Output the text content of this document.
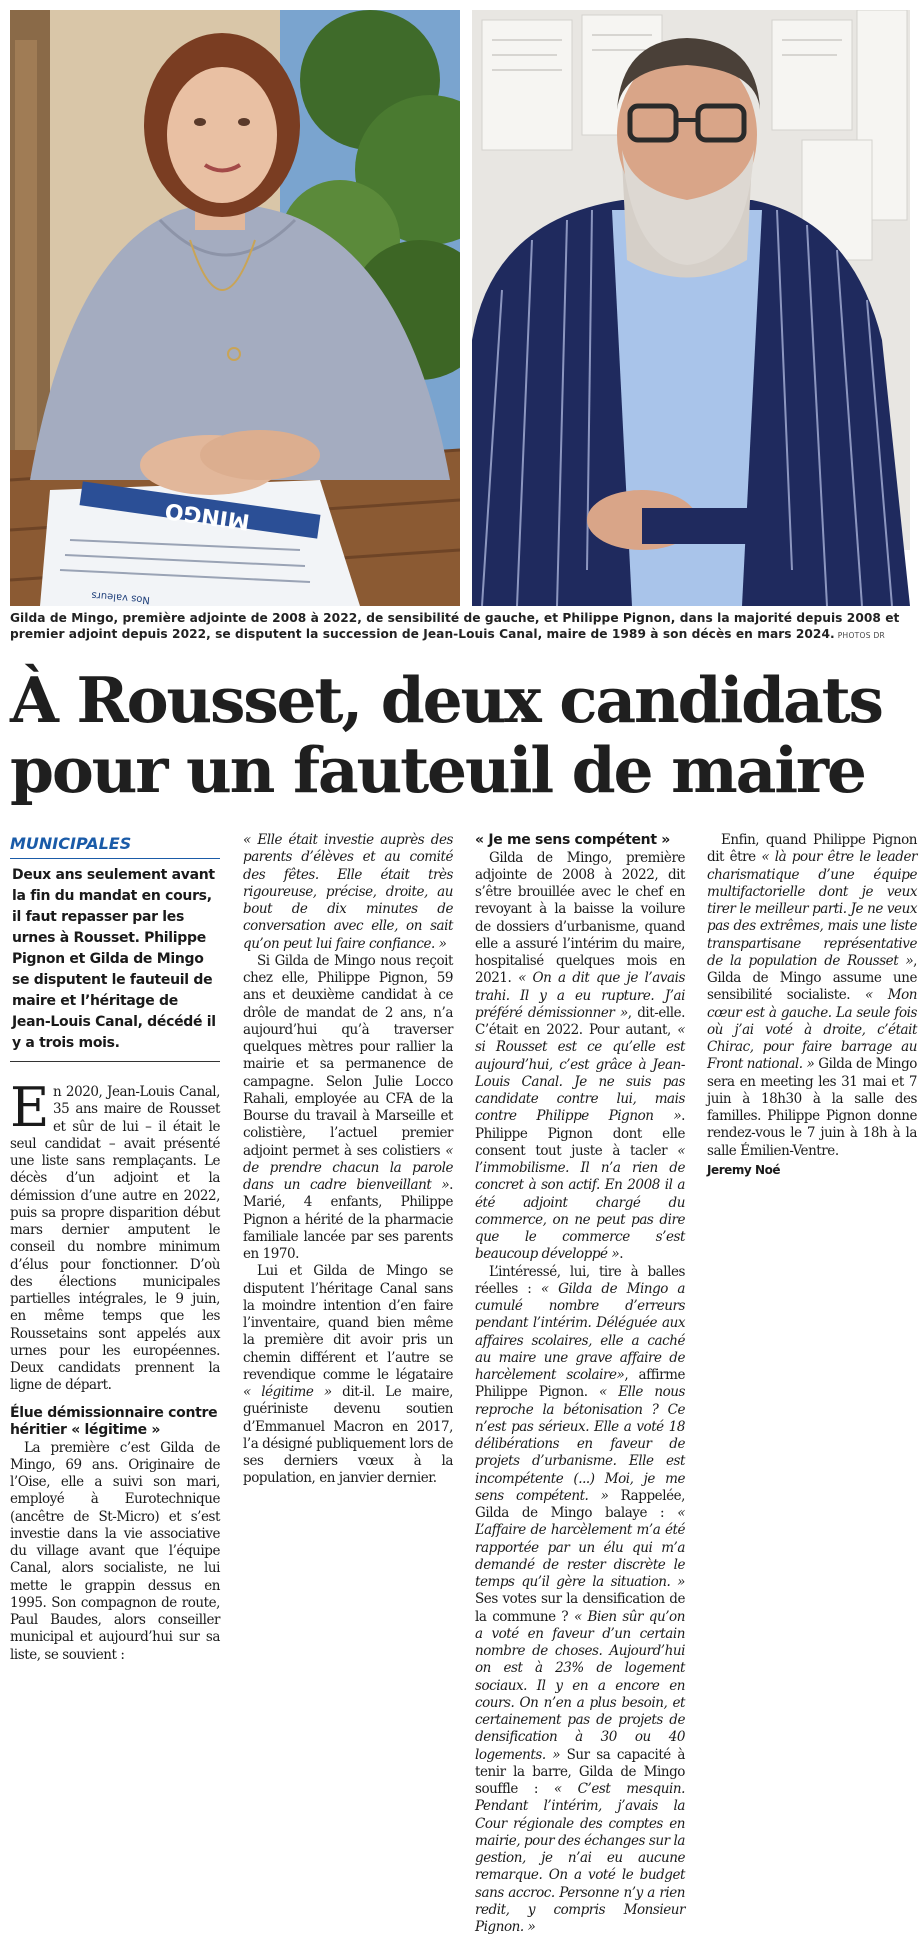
MINGO
Nos valeurs
Gilda de Mingo, première adjointe de 2008 à 2022, de sensibilité de gauche, et Philippe Pignon, dans la majorité depuis 2008 et premier adjoint depuis 2022, se disputent la succession de Jean-Louis Canal, maire de 1989 à son décès en mars 2024. PHOTOS DR
À Rousset, deux candidats pour un fauteuil de maire
MUNICIPALES
Deux ans seulement avant la fin du mandat en cours, il faut repasser par les urnes à Rousset. Philippe Pignon et Gilda de Mingo se disputent le fauteuil de maire et l’héritage de Jean-Louis Canal, décédé il y a trois mois.

En 2020, Jean-Louis Canal, 35 ans maire de Rousset et sûr de lui – il était le seul candidat – avait présenté une liste sans remplaçants. Le décès d’un adjoint et la démission d’une autre en 2022, puis sa propre disparition début mars dernier amputent le conseil du nombre minimum d’élus pour fonctionner. D’où des élections municipales partielles intégrales, le 9 juin, en même temps que les Roussetains sont appelés aux urnes pour les européennes. Deux candidats prennent la ligne de départ.

Élue démissionnaire contre héritier « légitime »

La première c’est Gilda de Mingo, 69 ans. Originaire de l’Oise, elle a suivi son mari, employé à Eurotechnique (ancêtre de St-Micro) et s’est investie dans la vie associative du village avant que l’équipe Canal, alors socialiste, ne lui mette le grappin dessus en 1995. Son compagnon de route, Paul Baudes, alors conseiller municipal et aujourd’hui sur sa liste, se souvient :

« Elle était investie auprès des parents d’élèves et au comité des fêtes. Elle était très rigoureuse, précise, droite, au bout de dix minutes de conversation avec elle, on sait qu’on peut lui faire confiance. »

Si Gilda de Mingo nous reçoit chez elle, Philippe Pignon, 59 ans et deuxième candidat à ce drôle de mandat de 2 ans, n’a aujourd’hui qu’à traverser quelques mètres pour rallier la mairie et sa permanence de campagne. Selon Julie Locco Rahali, employée au CFA de la Bourse du travail à Marseille et colistière, l’actuel premier adjoint permet à ses colistiers « de prendre chacun la parole dans un cadre bienveillant ». Marié, 4 enfants, Philippe Pignon a hérité de la pharmacie familiale lancée par ses parents en 1970.

Lui et Gilda de Mingo se disputent l’héritage Canal sans la moindre intention d’en faire l’inventaire, quand bien même la première dit avoir pris un chemin différent et l’autre se revendique comme le légataire « légitime » dit-il. Le maire, guériniste devenu soutien d’Emmanuel Macron en 2017, l’a désigné publiquement lors de ses derniers vœux à la population, en janvier dernier.

« Je me sens compétent »

Gilda de Mingo, première adjointe de 2008 à 2022, dit s’être brouillée avec le chef en revoyant à la baisse la voilure de dossiers d’urbanisme, quand elle a assuré l’intérim du maire, hospitalisé quelques mois en 2021. « On a dit que je l’avais trahi. Il y a eu rupture. J’ai préféré démissionner », dit-elle. C’était en 2022. Pour autant, « si Rousset est ce qu’elle est aujourd’hui, c’est grâce à Jean-Louis Canal. Je ne suis pas candidate contre lui, mais contre Philippe Pignon ». Philippe Pignon dont elle consent tout juste à tacler « l’immobilisme. Il n’a rien de concret à son actif. En 2008 il a été adjoint chargé du commerce, on ne peut pas dire que le commerce s’est beaucoup développé ».

L’intéressé, lui, tire à balles réelles : « Gilda de Mingo a cumulé nombre d’erreurs pendant l’intérim. Déléguée aux affaires scolaires, elle a caché au maire une grave affaire de harcèlement scolaire», affirme Philippe Pignon. « Elle nous reproche la bétonisation ? Ce n’est pas sérieux. Elle a voté 18 délibérations en faveur de projets d’urbanisme. Elle est incompétente (...) Moi, je me sens compétent. » Rappelée, Gilda de Mingo balaye : « L’affaire de harcèlement m’a été rapportée par un élu qui m’a demandé de rester discrète le temps qu’il gère la situation. » Ses votes sur la densification de la commune ? « Bien sûr qu’on a voté en faveur d’un certain nombre de choses. Aujourd’hui on est à 23% de logement sociaux. Il y en a encore en cours. On n’en a plus besoin, et certainement pas de projets de densification à 30 ou 40 logements. » Sur sa capacité à tenir la barre, Gilda de Mingo souffle : « C’est mesquin. Pendant l’intérim, j’avais la Cour régionale des comptes en mairie, pour des échanges sur la gestion, je n’ai eu aucune remarque. On a voté le budget sans accroc. Personne n’y a rien redit, y compris Monsieur Pignon. »

Enfin, quand Philippe Pignon dit être « là pour être le leader charismatique d’une équipe multifactorielle dont je veux tirer le meilleur parti. Je ne veux pas des extrêmes, mais une liste transpartisane représentative de la population de Rousset », Gilda de Mingo assume une sensibilité socialiste. « Mon cœur est à gauche. La seule fois où j’ai voté à droite, c’était Chirac, pour faire barrage au Front national. » Gilda de Mingo sera en meeting les 31 mai et 7 juin à 18h30 à la salle des familles. Philippe Pignon donne rendez-vous le 7 juin à 18h à la salle Émilien-Ventre.

Jeremy Noé
